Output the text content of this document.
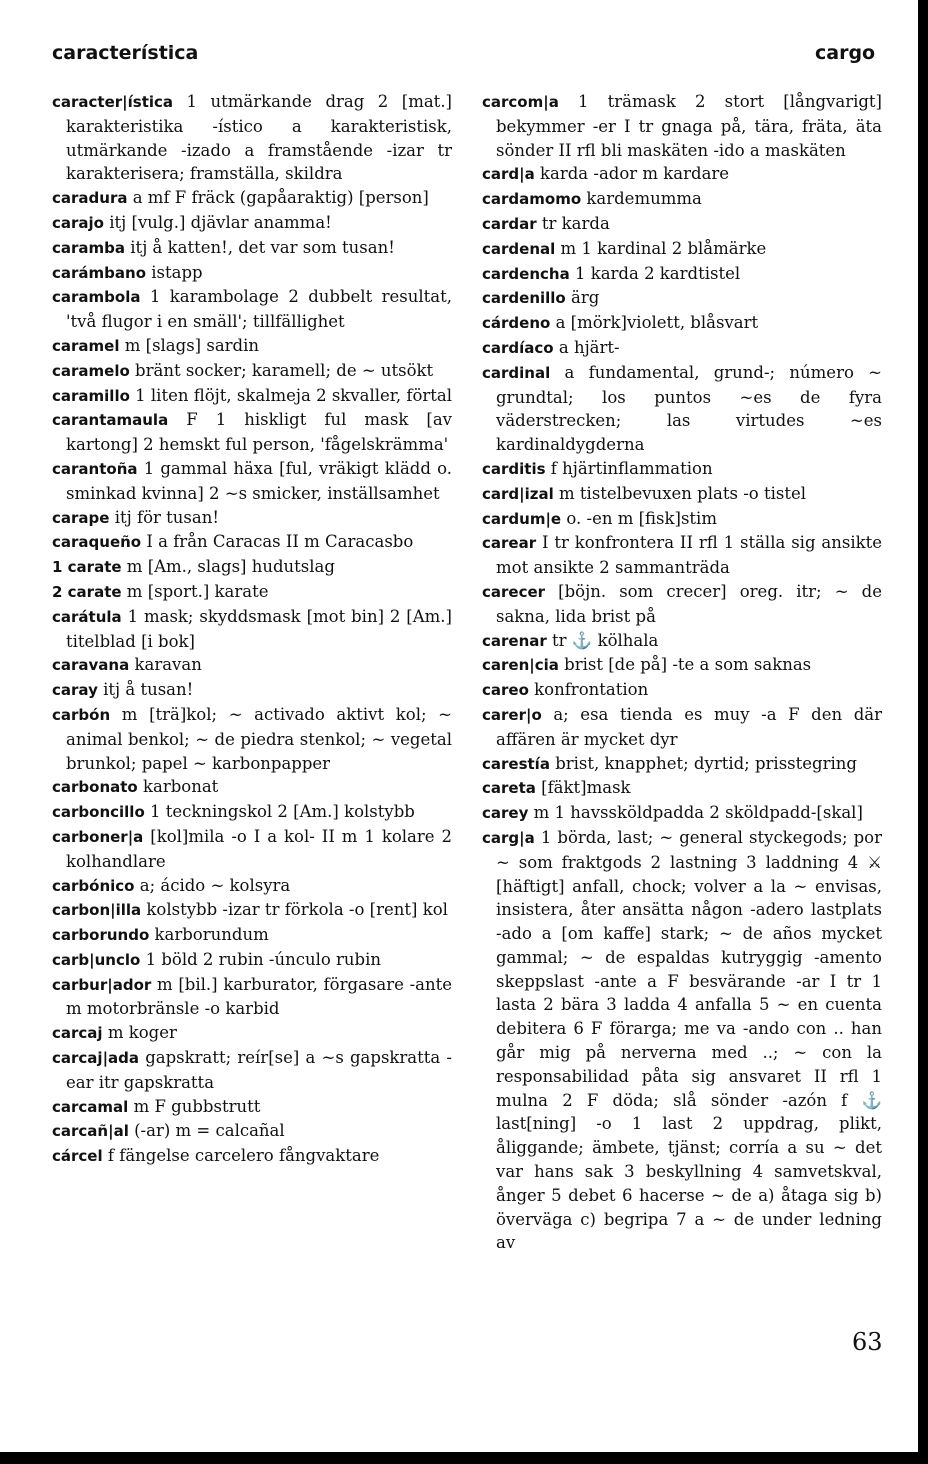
característica	cargo
caracter|ística 1 utmärkande drag 2 [mat.] karakteristika -ístico a karakteristisk, utmärkande -izado a framstående -izar tr karakterisera; framställa, skildra
caradura a mf F fräck (gapåaraktig) [person]
carajo itj [vulg.] djävlar anamma!
caramba itj å katten!, det var som tusan!
carámbano istapp
carambola 1 karambolage 2 dubbelt resultat, 'två flugor i en smäll'; tillfällighet
caramel m [slags] sardin
caramelo bränt socker; karamell; de ~ utsökt
caramillo 1 liten flöjt, skalmeja 2 skvaller, förtal
carantamaula F 1 hiskligt ful mask [av kartong] 2 hemskt ful person, 'fågelskrämma'
carantoña 1 gammal häxa [ful, vräkigt klädd o. sminkad kvinna] 2 ~s smicker, inställsamhet
carape itj för tusan!
caraqueño I a från Caracas II m Caracasbo
1 carate m [Am., slags] hudutslag
2 carate m [sport.] karate
carátula 1 mask; skyddsmask [mot bin] 2 [Am.] titelblad [i bok]
caravana karavan
caray itj å tusan!
carbón m [trä]kol; ~ activado aktivt kol; ~ animal benkol; ~ de piedra stenkol; ~ vegetal brunkol; papel ~ karbonpapper
carbonato karbonat
carboncillo 1 teckningskol 2 [Am.] kolstybb
carboner|a [kol]mila -o I a kol- II m 1 kolare 2 kolhandlare
carbónico a; ácido ~ kolsyra
carbon|illa kolstybb -izar tr förkola -o [rent] kol
carborundo karborundum
carb|unclo 1 böld 2 rubin -únculo rubin
carbur|ador m [bil.] karburator, förgasare -ante m motorbränsle -o karbid
carcaj m koger
carcaj|ada gapskratt; reír[se] a ~s gapskratta -ear itr gapskratta
carcamal m F gubbstrutt
carcañ|al (-ar) m = calcañal
cárcel f fängelse carcelero fångvaktare
carcom|a 1 trämask 2 stort [långvarigt] bekymmer -er I tr gnaga på, tära, fräta, äta sönder II rfl bli maskäten -ido a maskäten
card|a karda -ador m kardare
cardamomo kardemumma
cardar tr karda
cardenal m 1 kardinal 2 blåmärke
cardencha 1 karda 2 kardtistel
cardenillo ärg
cárdeno a [mörk]violett, blåsvart
cardíaco a hjärt-
cardinal a fundamental, grund-; número ~ grundtal; los puntos ~es de fyra väderstrecken; las virtudes ~es kardinaldygderna
carditis f hjärtinflammation
card|izal m tistelbevuxen plats -o tistel
cardum|e o. -en m [fisk]stim
carear I tr konfrontera II rfl 1 ställa sig ansikte mot ansikte 2 sammanträda
carecer [böjn. som crecer] oreg. itr; ~ de sakna, lida brist på
carenar tr ⚓ kölhala
caren|cia brist [de på] -te a som saknas
careo konfrontation
carer|o a; esa tienda es muy -a F den där affären är mycket dyr
carestía brist, knapphet; dyrtid; prisstegring
careta [fäkt]mask
carey m 1 havssköldpadda 2 sköldpadd-[skal]
carg|a 1 börda, last; ~ general styckegods; por ~ som fraktgods 2 lastning 3 laddning 4 ⚔ [häftigt] anfall, chock; volver a la ~ envisas, insistera, åter ansätta någon -adero lastplats -ado a [om kaffe] stark; ~ de años mycket gammal; ~ de espaldas kutryggig -amento skeppslast -ante a F besvärande -ar I tr 1 lasta 2 bära 3 ladda 4 anfalla 5 ~ en cuenta debitera 6 F förarga; me va -ando con .. han går mig på nerverna med ..; ~ con la responsabilidad påta sig ansvaret II rfl 1 mulna 2 F döda; slå sönder -azón f ⚓ last[ning] -o 1 last 2 uppdrag, plikt, åliggande; ämbete, tjänst; corría a su ~ det var hans sak 3 beskyllning 4 samvetskval, ånger 5 debet 6 hacerse ~ de a) åtaga sig b) överväga c) begripa 7 a ~ de under ledning av
63
